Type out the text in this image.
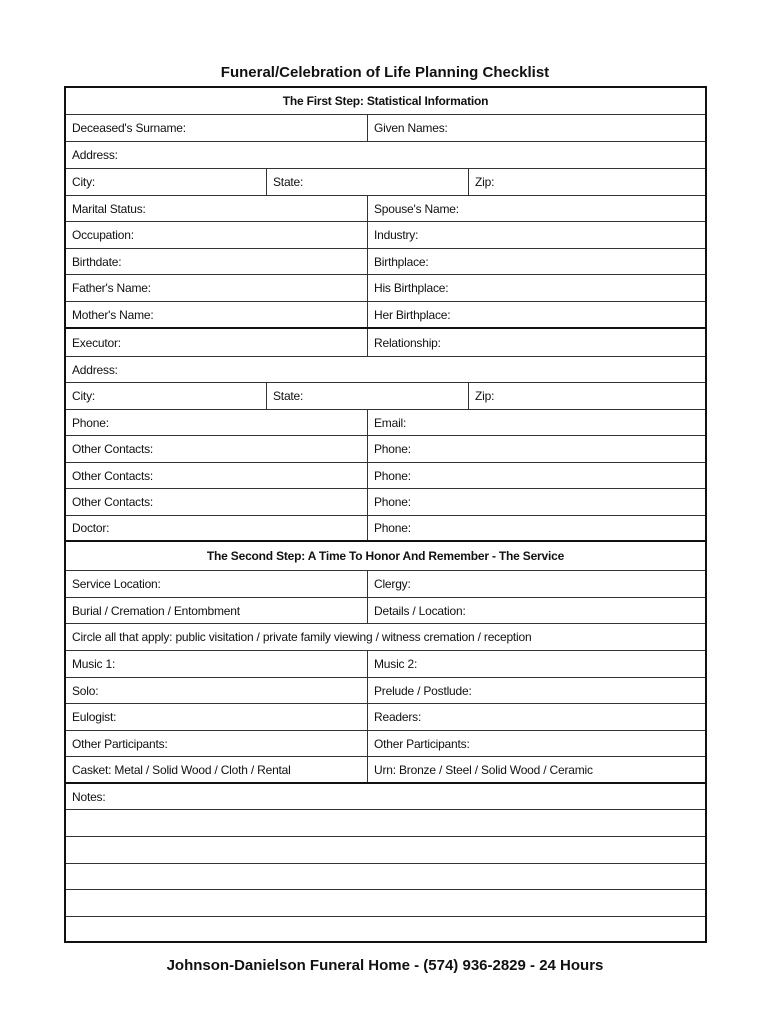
Funeral/Celebration of Life Planning Checklist
The First Step: Statistical Information
Deceased's Surname:	Given Names:
Address:
City:	State:	Zip:
Marital Status:	Spouse's Name:
Occupation:	Industry:
Birthdate:	Birthplace:
Father's Name:	His Birthplace:
Mother's Name:	Her Birthplace:
Executor:	Relationship:
Address:
City:	State:	Zip:
Phone:	Email:
Other Contacts:	Phone:
Other Contacts:	Phone:
Other Contacts:	Phone:
Doctor:	Phone:
The Second Step: A Time To Honor And Remember - The Service
Service Location:	Clergy:
Burial / Cremation / Entombment	Details / Location:
Circle all that apply: public visitation / private family viewing / witness cremation / reception
Music 1:	Music 2:
Solo:	Prelude / Postlude:
Eulogist:	Readers:
Other Participants:	Other Participants:
Casket: Metal / Solid Wood / Cloth / Rental	Urn: Bronze / Steel / Solid Wood / Ceramic
Notes:
Johnson-Danielson Funeral Home - (574) 936-2829 - 24 Hours
